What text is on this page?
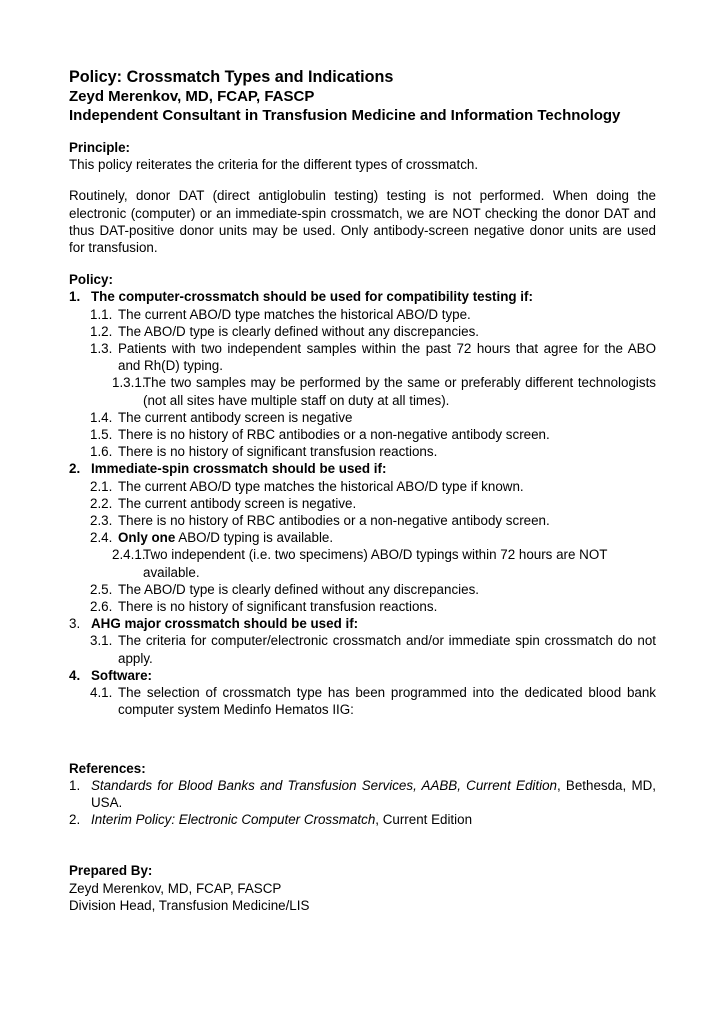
Policy: Crossmatch Types and Indications
Zeyd Merenkov, MD, FCAP, FASCP
Independent Consultant in Transfusion Medicine and Information Technology
Principle:

This policy reiterates the criteria for the different types of crossmatch.

Routinely, donor DAT (direct antiglobulin testing) testing is not performed. When doing the electronic (computer) or an immediate-spin crossmatch, we are NOT checking the donor DAT and thus DAT-positive donor units may be used. Only antibody-screen negative donor units are used for transfusion.

Policy:
1. The computer-crossmatch should be used for compatibility testing if:
1.1. The current ABO/D type matches the historical ABO/D type.
1.2. The ABO/D type is clearly defined without any discrepancies.
1.3. Patients with two independent samples within the past 72 hours that agree for the ABO and Rh(D) typing.
1.3.1.
The two samples may be performed by the same or preferably different technologists (not all sites have multiple staff on duty at all times).
1.4. The current antibody screen is negative
1.5. There is no history of RBC antibodies or a non-negative antibody screen.
1.6. There is no history of significant transfusion reactions.
2. Immediate-spin crossmatch should be used if:
2.1. The current ABO/D type matches the historical ABO/D type if known.
2.2. The current antibody screen is negative.
2.3. There is no history of RBC antibodies or a non-negative antibody screen.
2.4. Only one ABO/D typing is available.
2.4.1.
Two independent (i.e. two specimens) ABO/D typings within 72 hours are NOT available.
2.5. The ABO/D type is clearly defined without any discrepancies.
2.6. There is no history of significant transfusion reactions.
3. AHG major crossmatch should be used if:
3.1. The criteria for computer/electronic crossmatch and/or immediate spin crossmatch do not apply.
4. Software:
4.1. The selection of crossmatch type has been programmed into the dedicated blood bank computer system Medinfo Hematos IIG:
References:
1. Standards for Blood Banks and Transfusion Services, AABB, Current Edition, Bethesda, MD, USA.
2. Interim Policy: Electronic Computer Crossmatch, Current Edition
Prepared By:
Zeyd Merenkov, MD, FCAP, FASCP
Division Head, Transfusion Medicine/LIS
